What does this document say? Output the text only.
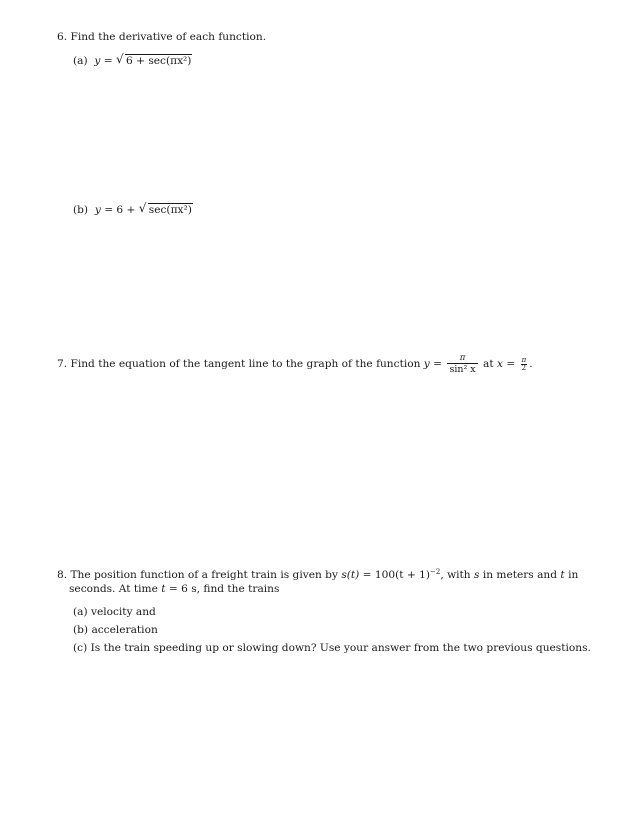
6. Find the derivative of each function.
(a) y = √ 6 + sec(πx²)
(b) y = 6 + √ sec(πx²)
7. Find the equation of the tangent line to the graph of the function $y = \frac{\pi}{\text{sin² x}}$ at $x = \frac{\pi}{2}$ .
8. The position function of a freight train is given by $s(t) = 100(t + 1)^{-2}$, with s in meters and t in
seconds. At time t = 6 s, find the trains
(a) velocity and
(b) acceleration
(c) Is the train speeding up or slowing down? Use your answer from the two previous questions.
